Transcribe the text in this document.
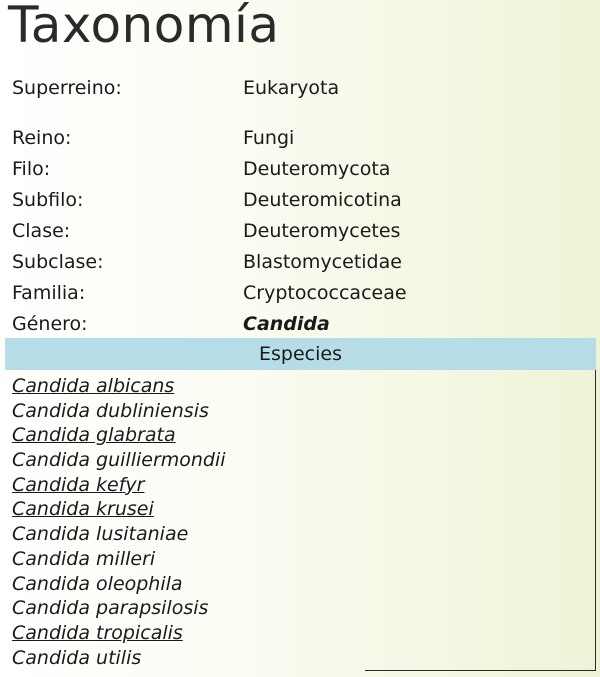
Taxonomía
Superreino:	Eukaryota
Reino:	Fungi
Filo:	Deuteromycota
Subfilo:	Deuteromicotina
Clase:	Deuteromycetes
Subclase:	Blastomycetidae
Familia:	Cryptococcaceae
Género:	Candida
Especies
Candida albicans
Candida dubliniensis
Candida glabrata
Candida guilliermondii
Candida kefyr
Candida krusei
Candida lusitaniae
Candida milleri
Candida oleophila
Candida parapsilosis
Candida tropicalis
Candida utilis
